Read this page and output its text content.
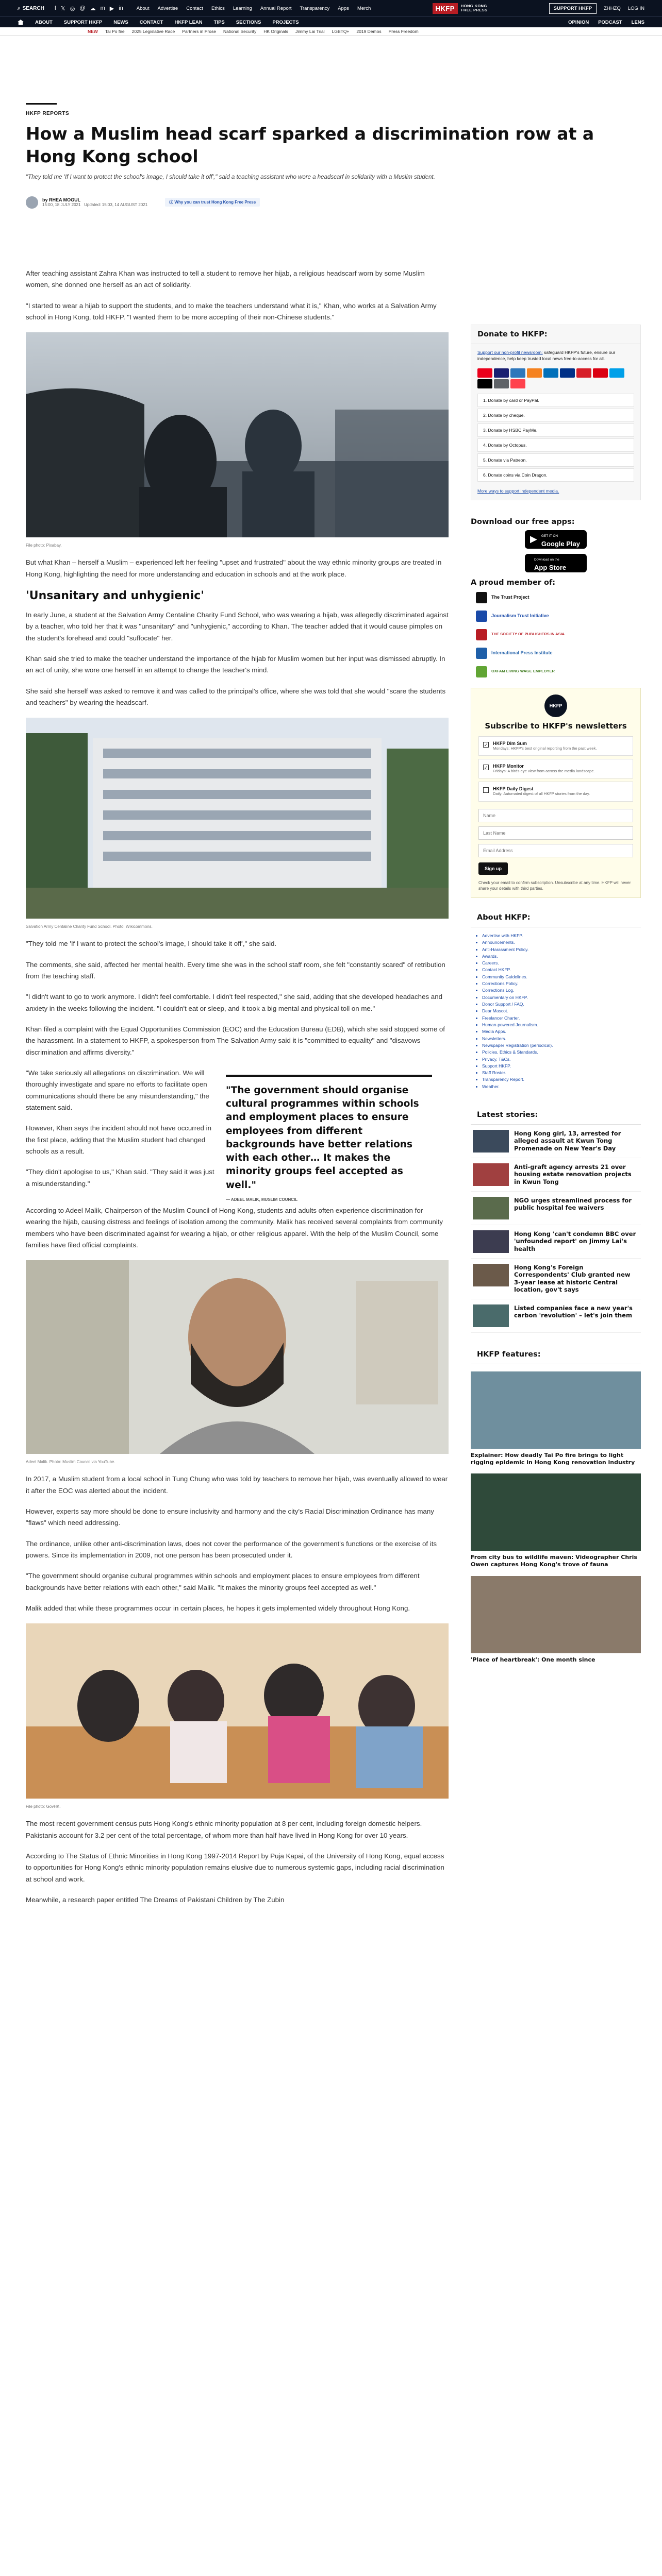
⌕ SEARCH f 𝕏 ◎ @ ☁ m ▶ in	About Advertise Contact Ethics Learning Annual Report Transparency Apps Merch	HKFP	HONG KONG
FREE PRESS	SUPPORT HKFP	ZHHZQ LOG IN
ABOUT SUPPORT HKFP NEWS CONTACT HKFP LEAN TIPS SECTIONS PROJECTS	OPINION PODCAST LENS
NEW Tai Po fire 2025 Legislative Race Partners in Prose National Security HK Originals Jimmy Lai Trial LGBTQ+ 2019 Demos Press Freedom
HKFP REPORTS
How a Muslim head scarf sparked a discrimination row at a Hong Kong school
"They told me 'If I want to protect the school's image, I should take it off'," said a teaching assistant who wore a headscarf in solidarity with a Muslim student.
by RHEA MOGUL
15:00, 18 JULY 2021 Updated: 15:03, 14 AUGUST 2021
ⓘ Why you can trust Hong Kong Free Press

After teaching assistant Zahra Khan was instructed to tell a student to remove her hijab, a religious headscarf worn by some Muslim women, she donned one herself as an act of solidarity.

"I started to wear a hijab to support the students, and to make the teachers understand what it is," Khan, who works at a Salvation Army school in Hong Kong, told HKFP. "I wanted them to be more accepting of their non-Chinese students."

File photo: Pixabay.

But what Khan – herself a Muslim – experienced left her feeling "upset and frustrated" about the way ethnic minority groups are treated in Hong Kong, highlighting the need for more understanding and education in schools and at the work place.

'Unsanitary and unhygienic'

In early June, a student at the Salvation Army Centaline Charity Fund School, who was wearing a hijab, was allegedly discriminated against by a teacher, who told her that it was "unsanitary" and "unhygienic," according to Khan. The teacher added that it would cause pimples on the student's forehead and could "suffocate" her.

Khan said she tried to make the teacher understand the importance of the hijab for Muslim women but her input was dismissed abruptly. In an act of unity, she wore one herself in an attempt to change the teacher's mind.

She said she herself was asked to remove it and was called to the principal's office, where she was told that she would "scare the students and teachers" by wearing the headscarf.

Salvation Army Centaline Charity Fund School. Photo: Wikicommons.

"They told me 'If I want to protect the school's image, I should take it off'," she said.

The comments, she said, affected her mental health. Every time she was in the school staff room, she felt "constantly scared" of retribution from the teaching staff.

"I didn't want to go to work anymore. I didn't feel comfortable. I didn't feel respected," she said, adding that she developed headaches and anxiety in the weeks following the incident. "I couldn't eat or sleep, and it took a big mental and physical toll on me."

Khan filed a complaint with the Equal Opportunities Commission (EOC) and the Education Bureau (EDB), which she said stopped some of the harassment. In a statement to HKFP, a spokesperson from The Salvation Army said it is "committed to equality" and "disavows discrimination and affirms diversity."

"We take seriously all allegations on discrimination. We will thoroughly investigate and spare no efforts to facilitate open communications should there be any misunderstanding," the statement said.

However, Khan says the incident should not have occurred in the first place, adding that the Muslim student had changed schools as a result.

"They didn't apologise to us," Khan said. "They said it was just a misunderstanding."

"The government should organise cultural programmes within schools and employment places to ensure employees from different backgrounds have better relations with each other… It makes the minority groups feel accepted as well."
— ADEEL MALIK, MUSLIM COUNCIL

According to Adeel Malik, Chairperson of the Muslim Council of Hong Kong, students and adults often experience discrimination for wearing the hijab, causing distress and feelings of isolation among the community. Malik has received several complaints from community members who have been discriminated against for wearing a hijab, or other religious apparel. With the help of the Muslim Council, some families have filed official complaints.

Adeel Malik. Photo: Muslim Council via YouTube.

In 2017, a Muslim student from a local school in Tung Chung who was told by teachers to remove her hijab, was eventually allowed to wear it after the EOC was alerted about the incident.

However, experts say more should be done to ensure inclusivity and harmony and the city's Racial Discrimination Ordinance has many "flaws" which need addressing.

The ordinance, unlike other anti-discrimination laws, does not cover the performance of the government's functions or the exercise of its powers. Since its implementation in 2009, not one person has been prosecuted under it.

"The government should organise cultural programmes within schools and employment places to ensure employees from different backgrounds have better relations with each other," said Malik. "It makes the minority groups feel accepted as well."

Malik added that while these programmes occur in certain places, he hopes it gets implemented widely throughout Hong Kong.

File photo: GovHK.

The most recent government census puts Hong Kong's ethnic minority population at 8 per cent, including foreign domestic helpers. Pakistanis account for 3.2 per cent of the total percentage, of whom more than half have lived in Hong Kong for over 10 years.

According to The Status of Ethnic Minorities in Hong Kong 1997-2014 Report by Puja Kapai, of the University of Hong Kong, equal access to opportunities for Hong Kong's ethnic minority population remains elusive due to numerous systemic gaps, including racial discrimination at school and work.

Meanwhile, a research paper entitled The Dreams of Pakistani Children by The Zubin

Donate to HKFP:
Support our non-profit newsroom: safeguard HKFP's future, ensure our independence, help keep trusted local news free-to-access for all.
1. Donate by card or PayPal.
2. Donate by cheque.
3. Donate by HSBC PayMe.
4. Donate by Octopus.
5. Donate via Patreon.
6. Donate coins via Coin Dragon.
More ways to support independent media.
Download our free apps:
▶ GET IT ON
Google Play
Download on the
App Store
A proud member of:
The Trust Project
Journalism Trust Initiative
THE SOCIETY OF PUBLISHERS IN ASIA
International Press Institute
OXFAM LIVING WAGE EMPLOYER
HKFP
Subscribe to HKFP's newsletters
✓ HKFP Dim Sum
Mondays: HKFP's best original reporting from the past week.
✓ HKFP Monitor
Fridays: A birds-eye view from across the media landscape.
HKFP Daily Digest
Daily: Automated digest of all HKFP stories from the day.
Name Last Name Email Address Sign up
Check your email to confirm subscription. Unsubscribe at any time. HKFP will never share your details with third parties.
About HKFP:
• Advertise with HKFP.
• Announcements.
• Anti-Harassment Policy.
• Awards.
• Careers.
• Contact HKFP.
• Community Guidelines.
• Corrections Policy.
• Corrections Log.
• Documentary on HKFP.
• Donor Support / FAQ.
• Dear Mascot.
• Freelancer Charter.
• Human-powered Journalism.
• Media Apps.
• Newsletters.
• Newspaper Registration (periodical).
• Policies, Ethics & Standards.
• Privacy, T&Cs.
• Support HKFP.
• Staff Roster.
• Transparency Report.
• Weather.
Latest stories:
Hong Kong girl, 13, arrested for alleged assault at Kwun Tong Promenade on New Year's Day
Anti-graft agency arrests 21 over housing estate renovation projects in Kwun Tong
NGO urges streamlined process for public hospital fee waivers
Hong Kong 'can't condemn BBC over 'unfounded report' on Jimmy Lai's health
Hong Kong's Foreign Correspondents' Club granted new 3-year lease at historic Central location, gov't says
Listed companies face a new year's carbon 'revolution' – let's join them
HKFP features:
Explainer: How deadly Tai Po fire brings to light rigging epidemic in Hong Kong renovation industry
From city bus to wildlife maven: Videographer Chris Owen captures Hong Kong's trove of fauna
'Place of heartbreak': One month since
